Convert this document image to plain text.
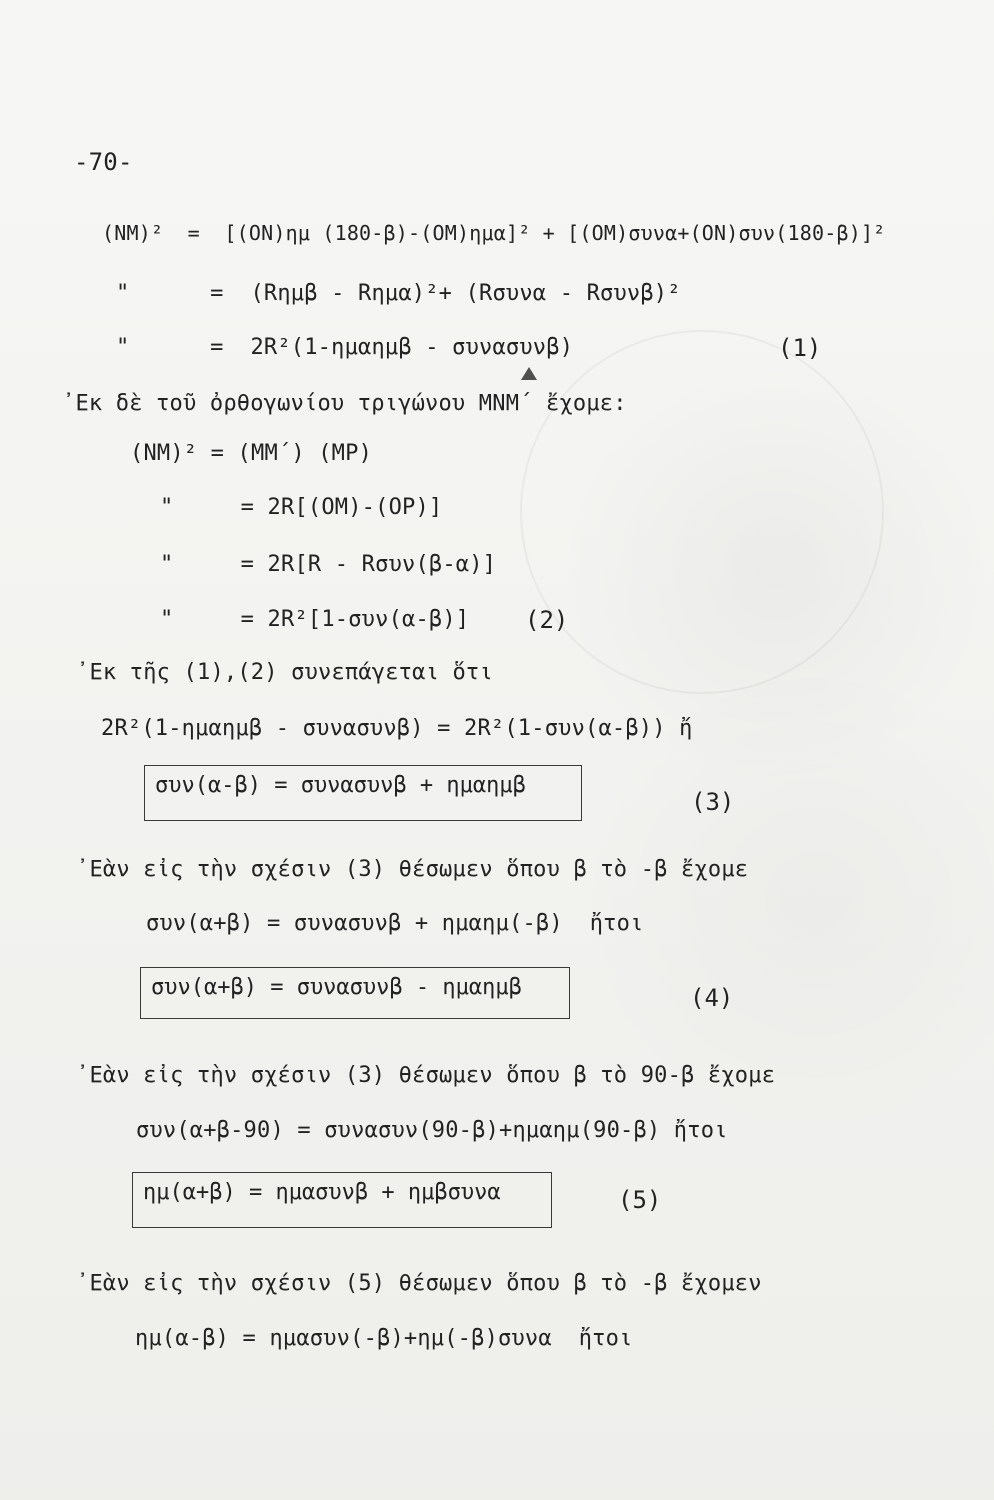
-70-
(NM)²  =  [(ON)ημ (180-β)-(OM)ημα]² + [(OM)συνα+(ON)συν(180-β)]²
"      =  (Rημβ - Rημα)²+ (Rσυνα - Rσυνβ)²
"      =  2R²(1-ημαημβ - συνασυνβ)	(1)
᾽Εκ δὲ τοῦ ὀρθογωνίου τριγώνου ΜΝΜ´ ἔχομε:
(NM)² = (MM´) (MP)
"     = 2R[(OM)-(OP)]
"     = 2R[R - Rσυν(β-α)]
"     = 2R²[1-συν(α-β)] (2)
᾽Εκ τῆς (1),(2) συνεπάγεται ὅτι
2R²(1-ημαημβ - συνασυνβ) = 2R²(1-συν(α-β)) ἤ
συν(α-β) = συνασυνβ + ημαημβ
(3)
᾽Εὰν εἰς τὴν σχέσιν (3) θέσωμεν ὅπου β τὸ -β ἔχομε
συν(α+β) = συνασυνβ + ημαημ(-β)  ἤτοι
συν(α+β) = συνασυνβ - ημαημβ	(4)
᾽Εὰν εἰς τὴν σχέσιν (3) θέσωμεν ὅπου β τὸ 90-β ἔχομε
συν(α+β-90) = συνασυν(90-β)+ημαημ(90-β) ἤτοι
ημ(α+β) = ημασυνβ + ημβσυνα	(5)
᾽Εὰν εἰς τὴν σχέσιν (5) θέσωμεν ὅπου β τὸ -β ἔχομεν
ημ(α-β) = ημασυν(-β)+ημ(-β)συνα  ἤτοι
